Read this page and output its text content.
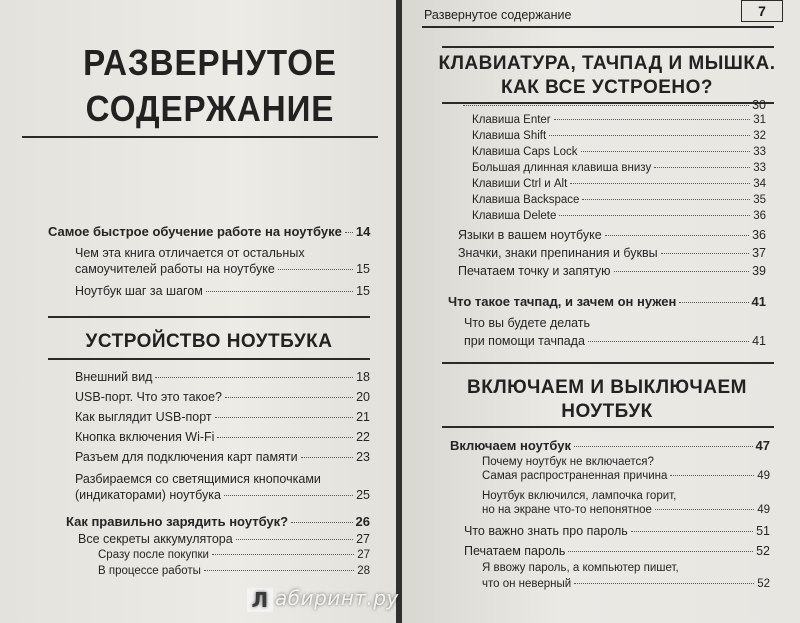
РАЗВЕРНУТОЕ
СОДЕРЖАНИЕ
Самое быстрое обучение работе на ноутбуке 14
Чем эта книга отличается от остальных
самоучителей работы на ноутбуке	15
Ноутбук шаг за шагом	15
УСТРОЙСТВО НОУТБУКА
Внешний вид	18
USB-порт. Что это такое?	20
Как выглядит USB-порт	21
Кнопка включения Wi-Fi	22
Разъем для подключения карт памяти	23
Разбираемся со светящимися кнопочками
(индикаторами) ноутбука	25
Как правильно зарядить ноутбук?	26
Все секреты аккумулятора	27
Сразу после покупки	27
В процессе работы	28
Развернутое содержание	7
КЛАВИАТУРА, ТАЧПАД И МЫШКА.
КАК ВСЕ УСТРОЕНО?
30
Клавиша Enter	31
Клавиша Shift	32
Клавиша Caps Lock	33
Большая длинная клавиша внизу	33
Клавиши Ctrl и Alt	34
Клавиша Backspace	35
Клавиша Delete	36
Языки в вашем ноутбуке	36
Значки, знаки препинания и буквы	37
Печатаем точку и запятую	39
Что такое тачпад, и зачем он нужен	41
Что вы будете делать
при помощи тачпада	41
ВКЛЮЧАЕМ И ВЫКЛЮЧАЕМ
НОУТБУК
Включаем ноутбук	47
Почему ноутбук не включается?
Самая распространенная причина	49
Ноутбук включился, лампочка горит,
но на экране что-то непонятное	49
Что важно знать про пароль	51
Печатаем пароль	52
Я ввожу пароль, а компьютер пишет,
что он неверный	52
Л абиринт.ру
